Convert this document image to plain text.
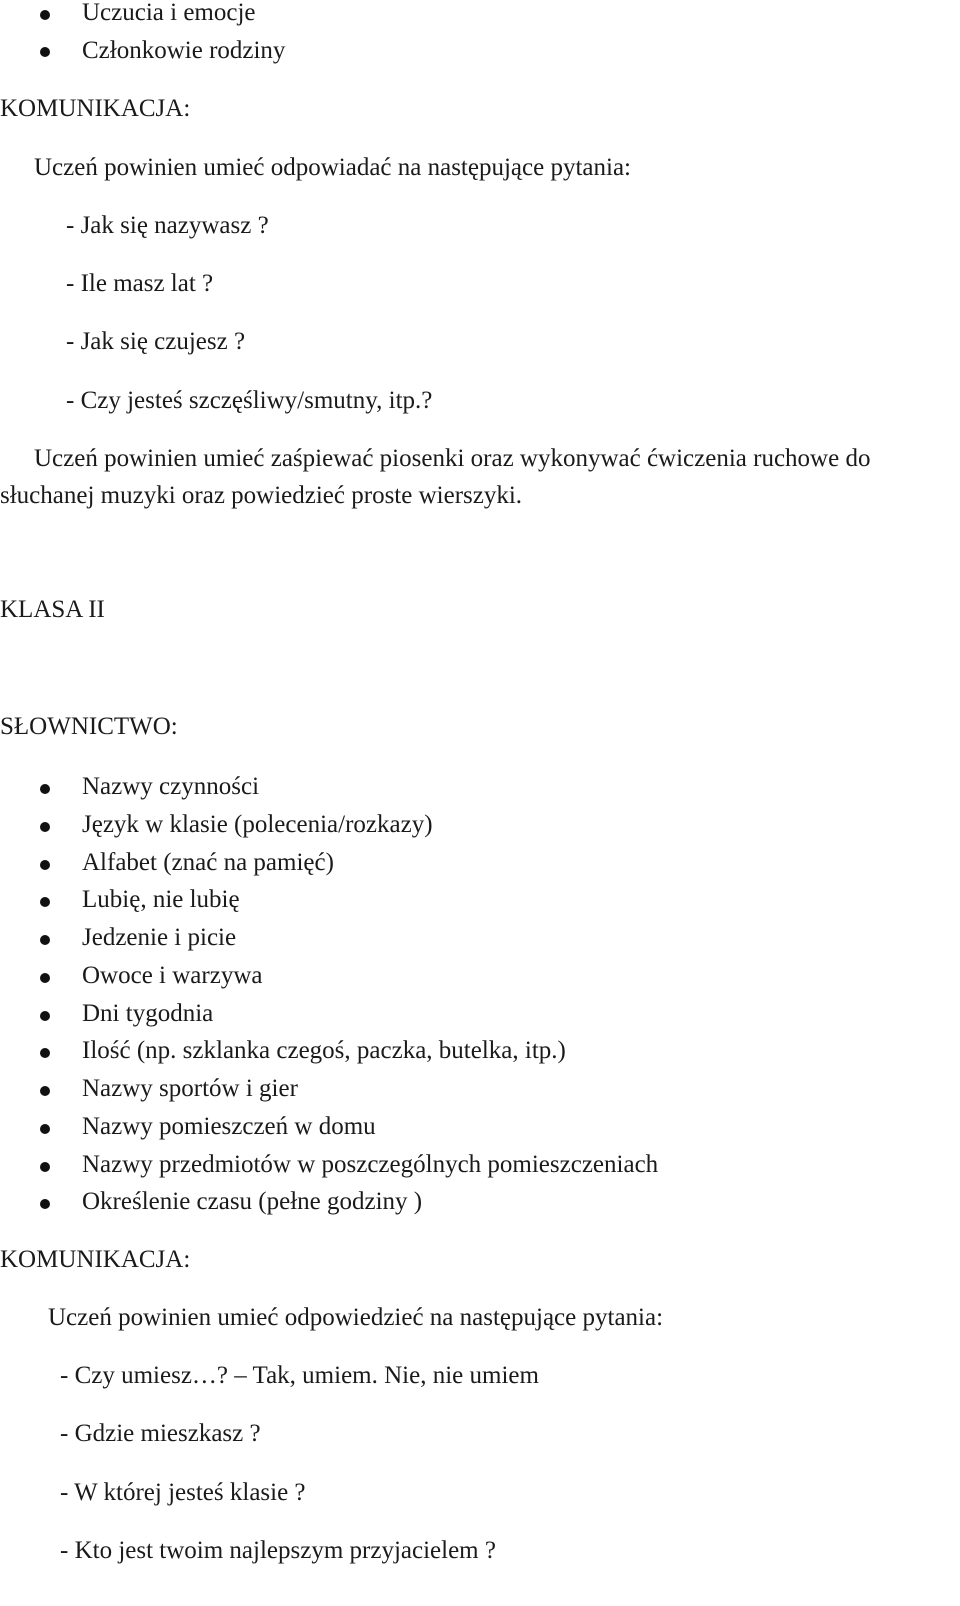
Uczucia i emocje
Członkowie rodziny
KOMUNIKACJA:
Uczeń powinien umieć odpowiadać na następujące pytania:
- Jak się nazywasz ?
- Ile masz lat ?
- Jak się czujesz ?
- Czy jesteś szczęśliwy/smutny, itp.?
Uczeń powinien umieć zaśpiewać piosenki oraz wykonywać ćwiczenia ruchowe do
słuchanej muzyki oraz powiedzieć proste wierszyki.
KLASA II
SŁOWNICTWO:
Nazwy czynności
Język w klasie (polecenia/rozkazy)
Alfabet (znać na pamięć)
Lubię, nie lubię
Jedzenie i picie
Owoce i warzywa
Dni tygodnia
Ilość (np. szklanka czegoś, paczka, butelka, itp.)
Nazwy sportów i gier
Nazwy pomieszczeń w domu
Nazwy przedmiotów w poszczególnych pomieszczeniach
Określenie czasu (pełne godziny )
KOMUNIKACJA:
Uczeń powinien umieć odpowiedzieć na następujące pytania:
- Czy umiesz…? – Tak, umiem. Nie, nie umiem
- Gdzie mieszkasz ?
- W której jesteś klasie ?
- Kto jest twoim najlepszym przyjacielem ?
